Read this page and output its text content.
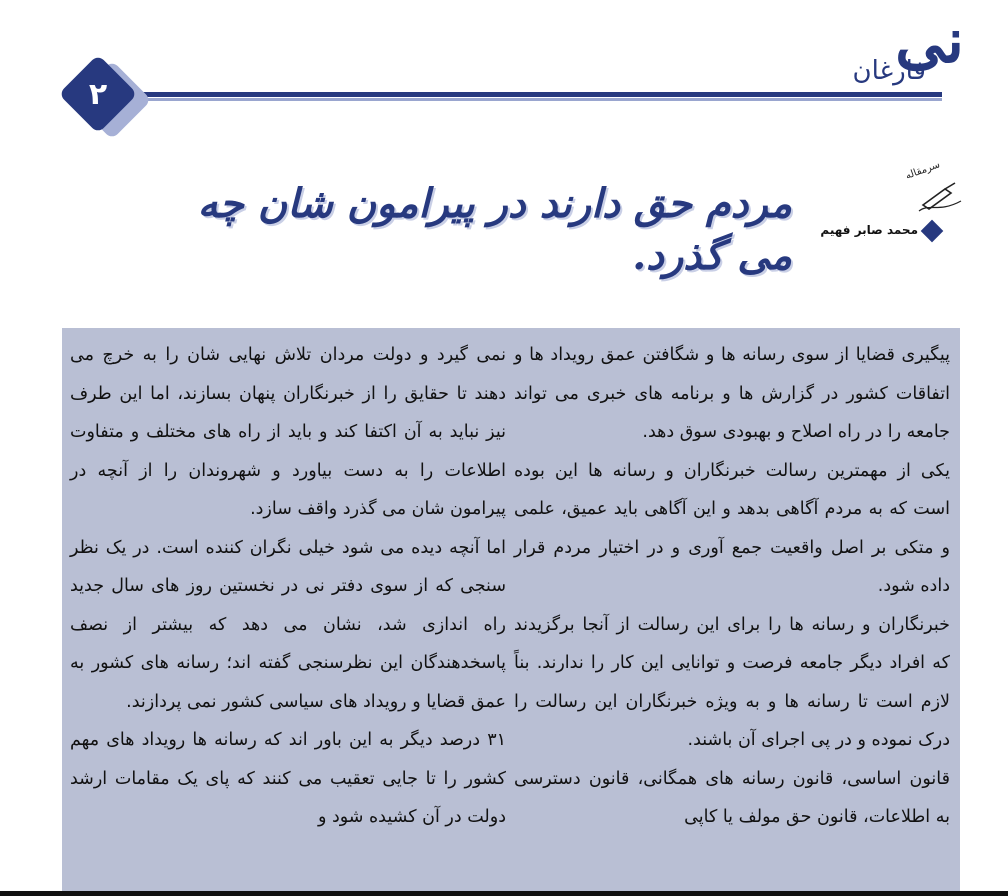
۲
نی
فارغان
سرمقاله
محمد صابر فهیم
مردم حق دارند در پیرامون شان چه می گذرد.

پیگیری قضایا از سوی رسانه ها و شگافتن عمق رویداد ها و اتفاقات کشور در گزارش ها و برنامه های خبری می تواند جامعه را در راه اصلاح و بهبودی سوق دهد.

یکی از مهمترین رسالت خبرنگاران و رسانه ها این بوده است که به مردم آگاهی بدهد و این آگاهی باید عمیق، علمی و متکی بر اصل واقعیت جمع آوری و در اختیار مردم قرار داده شود.

خبرنگاران و رسانه ها را برای این رسالت از آنجا برگزیدند که افراد دیگر جامعه فرصت و توانایی این کار را ندارند. بناً لازم است تا رسانه ها و به ویژه خبرنگاران این رسالت را درک نموده و در پی اجرای آن باشند.

قانون اساسی، قانون رسانه های همگانی، قانون دسترسی به اطلاعات، قانون حق مولف یا کاپی

نمی گیرد و دولت مردان تلاش نهایی شان را به خرچ می دهند تا حقایق را از خبرنگاران پنهان بسازند، اما این طرف نیز نباید به آن اکتفا کند و باید از راه های مختلف و متفاوت اطلاعات را به دست بیاورد و شهروندان را از آنچه در پیرامون شان می گذرد واقف سازد.

اما آنچه دیده می شود خیلی نگران کننده است. در یک نظر سنجی که از سوی دفتر نی در نخستین روز های سال جدید راه اندازی شد، نشان می دهد که بیشتر از نصف پاسخدهندگان این نظرسنجی گفته اند؛ رسانه های کشور به عمق قضایا و رویداد های سیاسی کشور نمی پردازند.

۳۱ درصد دیگر به این باور اند که رسانه ها رویداد های مهم کشور را تا جایی تعقیب می کنند که پای یک مقامات ارشد دولت در آن کشیده شود و
